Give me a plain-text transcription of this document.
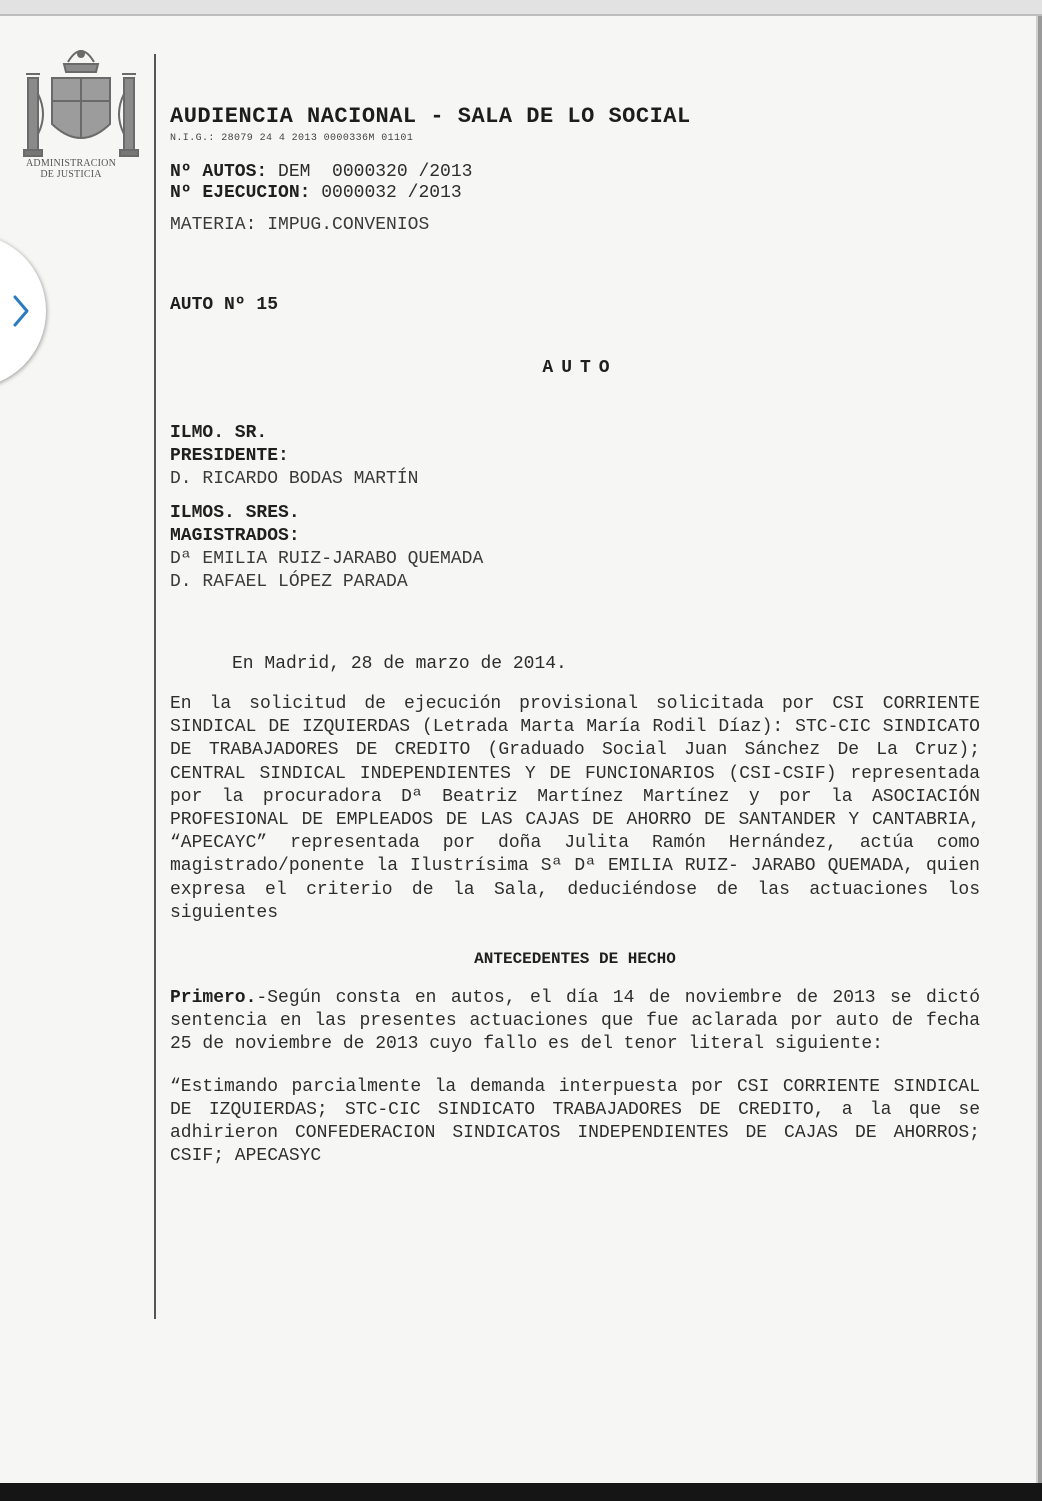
ADMINISTRACION
DE JUSTICIA
AUDIENCIA NACIONAL - SALA DE LO SOCIAL
N.I.G.: 28079 24 4 2013 0000336M 01101
Nº AUTOS: DEM  0000320 /2013
Nº EJECUCION: 0000032 /2013
MATERIA: IMPUG.CONVENIOS
AUTO Nº 15
AUTO
ILMO. SR.
PRESIDENTE:
D. RICARDO BODAS MARTÍN
ILMOS. SRES.
MAGISTRADOS:
Dª EMILIA RUIZ-JARABO QUEMADA
D. RAFAEL LÓPEZ PARADA
En Madrid, 28 de marzo de 2014.
En la solicitud de ejecución provisional solicitada por CSI CORRIENTE SINDICAL DE IZQUIERDAS (Letrada Marta María Rodil Díaz): STC-CIC SINDICATO DE TRABAJADORES DE CREDITO (Graduado Social Juan Sánchez De La Cruz); CENTRAL SINDICAL INDEPENDIENTES Y DE FUNCIONARIOS (CSI-CSIF) representada por la procuradora Dª Beatriz Martínez Martínez y por la ASOCIACIÓN PROFESIONAL DE EMPLEADOS DE LAS CAJAS DE AHORRO DE SANTANDER Y CANTABRIA, “APECAYC” representada por doña Julita Ramón Hernández, actúa como magistrado/ponente la Ilustrísima Sª Dª EMILIA RUIZ- JARABO QUEMADA, quien expresa el criterio de la Sala, deduciéndose de las actuaciones los siguientes
ANTECEDENTES DE HECHO
Primero.-Según consta en autos, el día 14 de noviembre de 2013 se dictó sentencia en las presentes actuaciones que fue aclarada por auto de fecha 25 de noviembre de 2013 cuyo fallo es del tenor literal siguiente:
“Estimando parcialmente la demanda interpuesta por CSI CORRIENTE SINDICAL DE IZQUIERDAS; STC-CIC SINDICATO TRABAJADORES DE CREDITO, a la que se adhirieron CONFEDERACION SINDICATOS INDEPENDIENTES DE CAJAS DE AHORROS; CSIF; APECASYC
